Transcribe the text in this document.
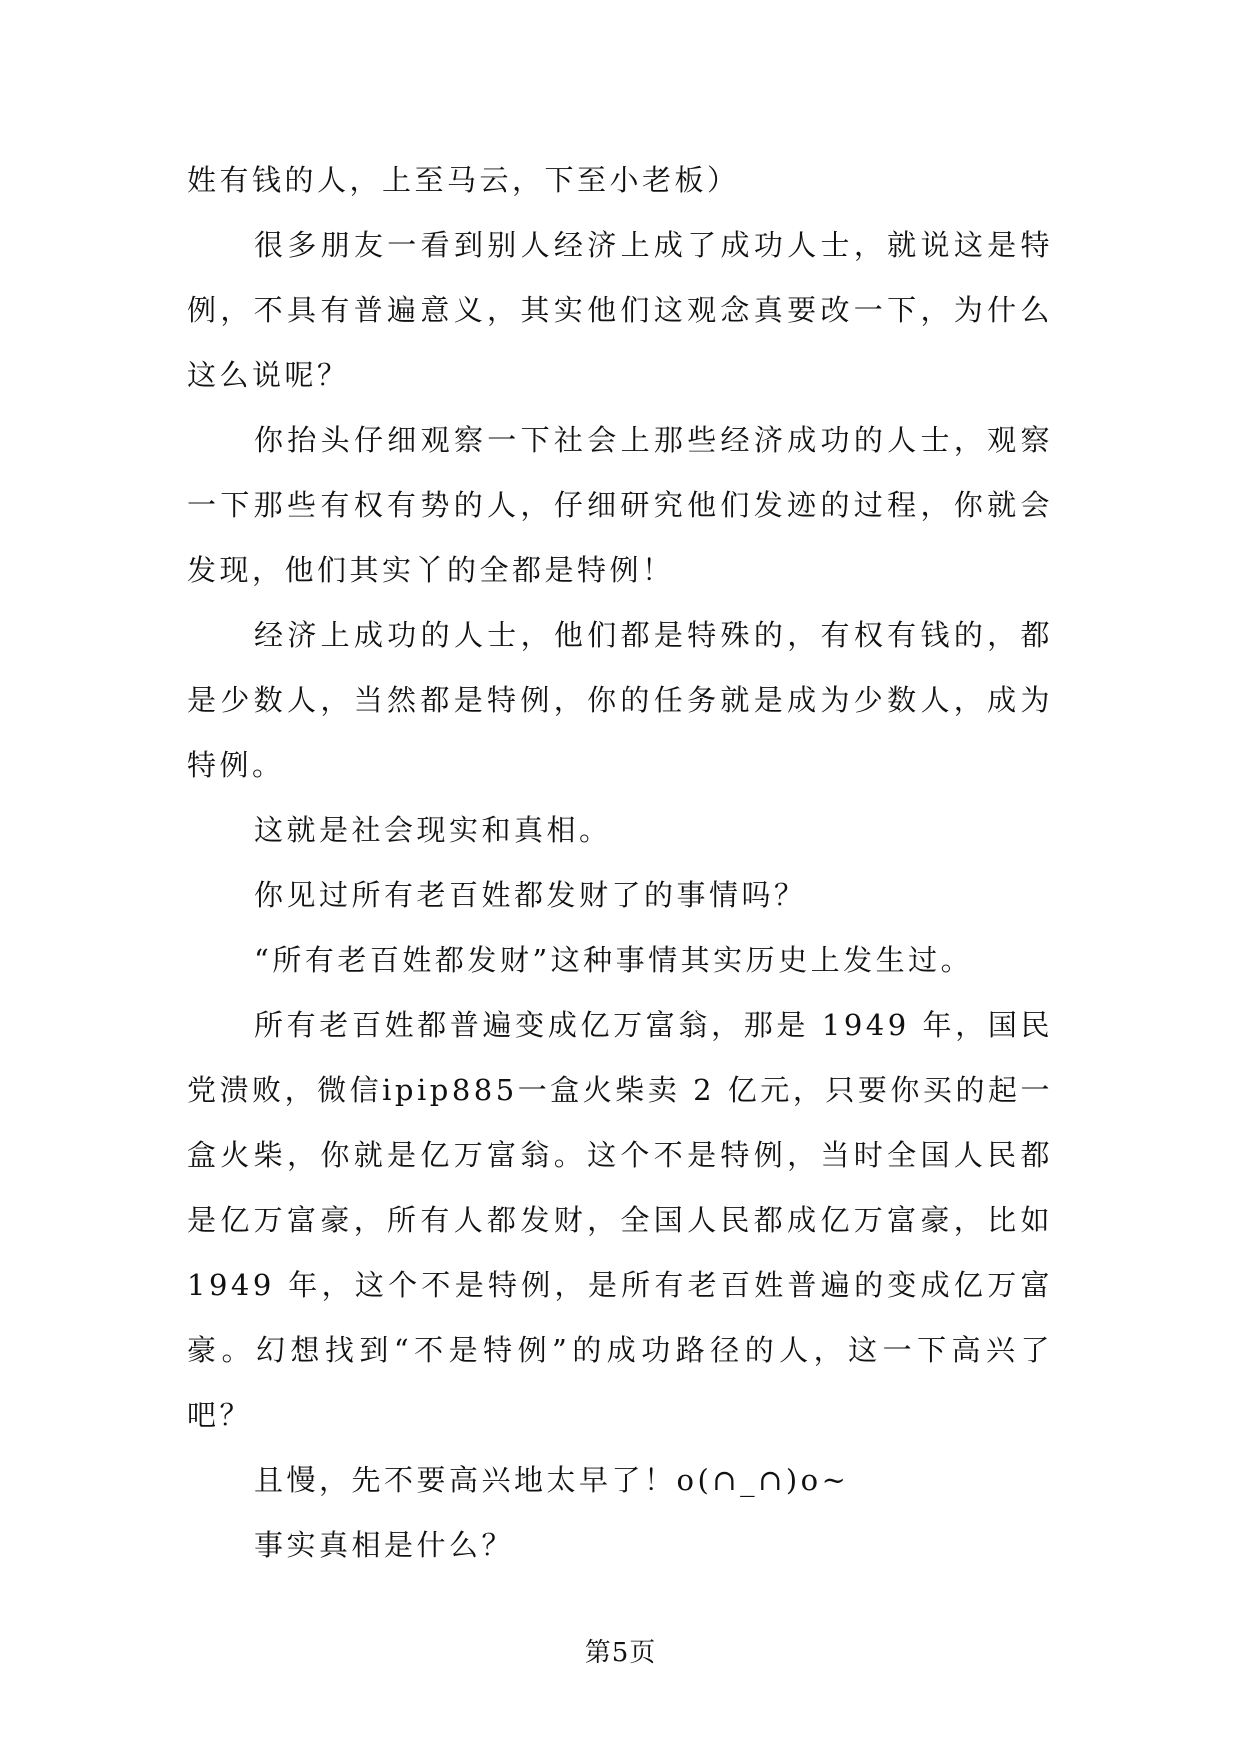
姓有钱的人，上至马云，下至小老板）

很多朋友一看到别人经济上成了成功人士，就说这是特例，不具有普遍意义，其实他们这观念真要改一下，为什么这么说呢？

你抬头仔细观察一下社会上那些经济成功的人士，观察一下那些有权有势的人，仔细研究他们发迹的过程，你就会发现，他们其实丫的全都是特例！

经济上成功的人士，他们都是特殊的，有权有钱的，都是少数人，当然都是特例，你的任务就是成为少数人，成为特例。

这就是社会现实和真相。

你见过所有老百姓都发财了的事情吗？

“所有老百姓都发财”这种事情其实历史上发生过。

所有老百姓都普遍变成亿万富翁，那是 1949 年，国民党溃败，微信ipip885一盒火柴卖 2 亿元，只要你买的起一盒火柴，你就是亿万富翁。这个不是特例，当时全国人民都是亿万富豪，所有人都发财，全国人民都成亿万富豪，比如 1949 年，这个不是特例，是所有老百姓普遍的变成亿万富豪。幻想找到“不是特例”的成功路径的人，这一下高兴了吧？

且慢，先不要高兴地太早了！o(∩_∩)o~

事实真相是什么？

第5页
